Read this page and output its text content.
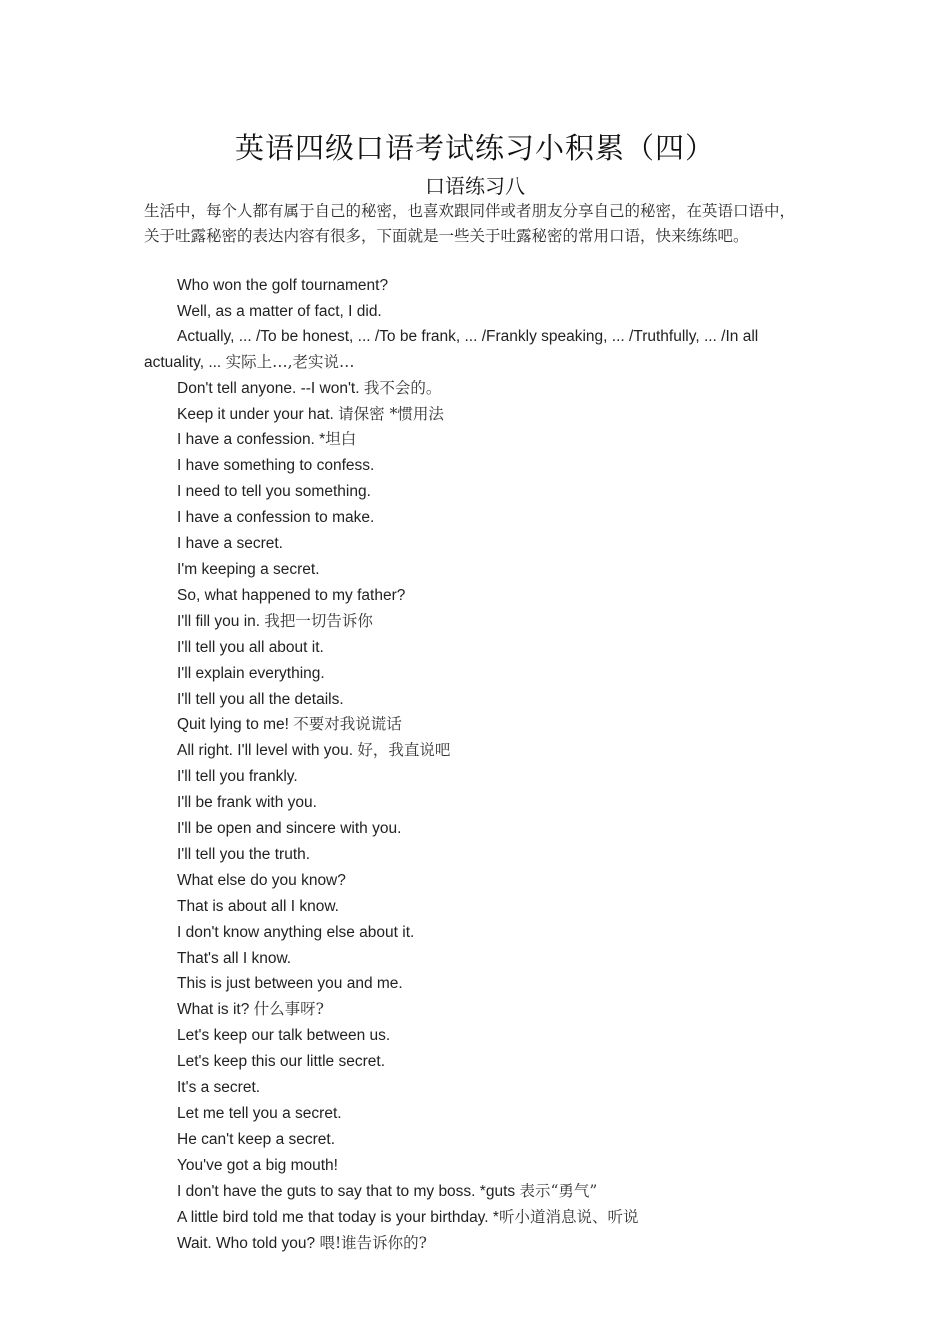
英语四级口语考试练习小积累（四）
口语练习八
生活中，每个人都有属于自己的秘密，也喜欢跟同伴或者朋友分享自己的秘密，在英语口语中，关于吐露秘密的表达内容有很多，下面就是一些关于吐露秘密的常用口语，快来练练吧。

Who won the golf tournament?

Well, as a matter of fact, I did.

Actually, ... /To be honest, ... /To be frank, ... /Frankly speaking, ... /Truthfully, ... /In all actuality, ... 实际上…,老实说…

Don't tell anyone. --I won't. 我不会的。

Keep it under your hat. 请保密 *惯用法

I have a confession. *坦白

I have something to confess.

I need to tell you something.

I have a confession to make.

I have a secret.

I'm keeping a secret.

So, what happened to my father?

I'll fill you in. 我把一切告诉你

I'll tell you all about it.

I'll explain everything.

I'll tell you all the details.

Quit lying to me! 不要对我说谎话

All right. I'll level with you. 好，我直说吧

I'll tell you frankly.

I'll be frank with you.

I'll be open and sincere with you.

I'll tell you the truth.

What else do you know?

That is about all I know.

I don't know anything else about it.

That's all I know.

This is just between you and me.

What is it? 什么事呀?

Let's keep our talk between us.

Let's keep this our little secret.

It's a secret.

Let me tell you a secret.

He can't keep a secret.

You've got a big mouth!

I don't have the guts to say that to my boss. *guts 表示“勇气”

A little bird told me that today is your birthday. *听小道消息说、听说

Wait. Who told you? 喂!谁告诉你的?
